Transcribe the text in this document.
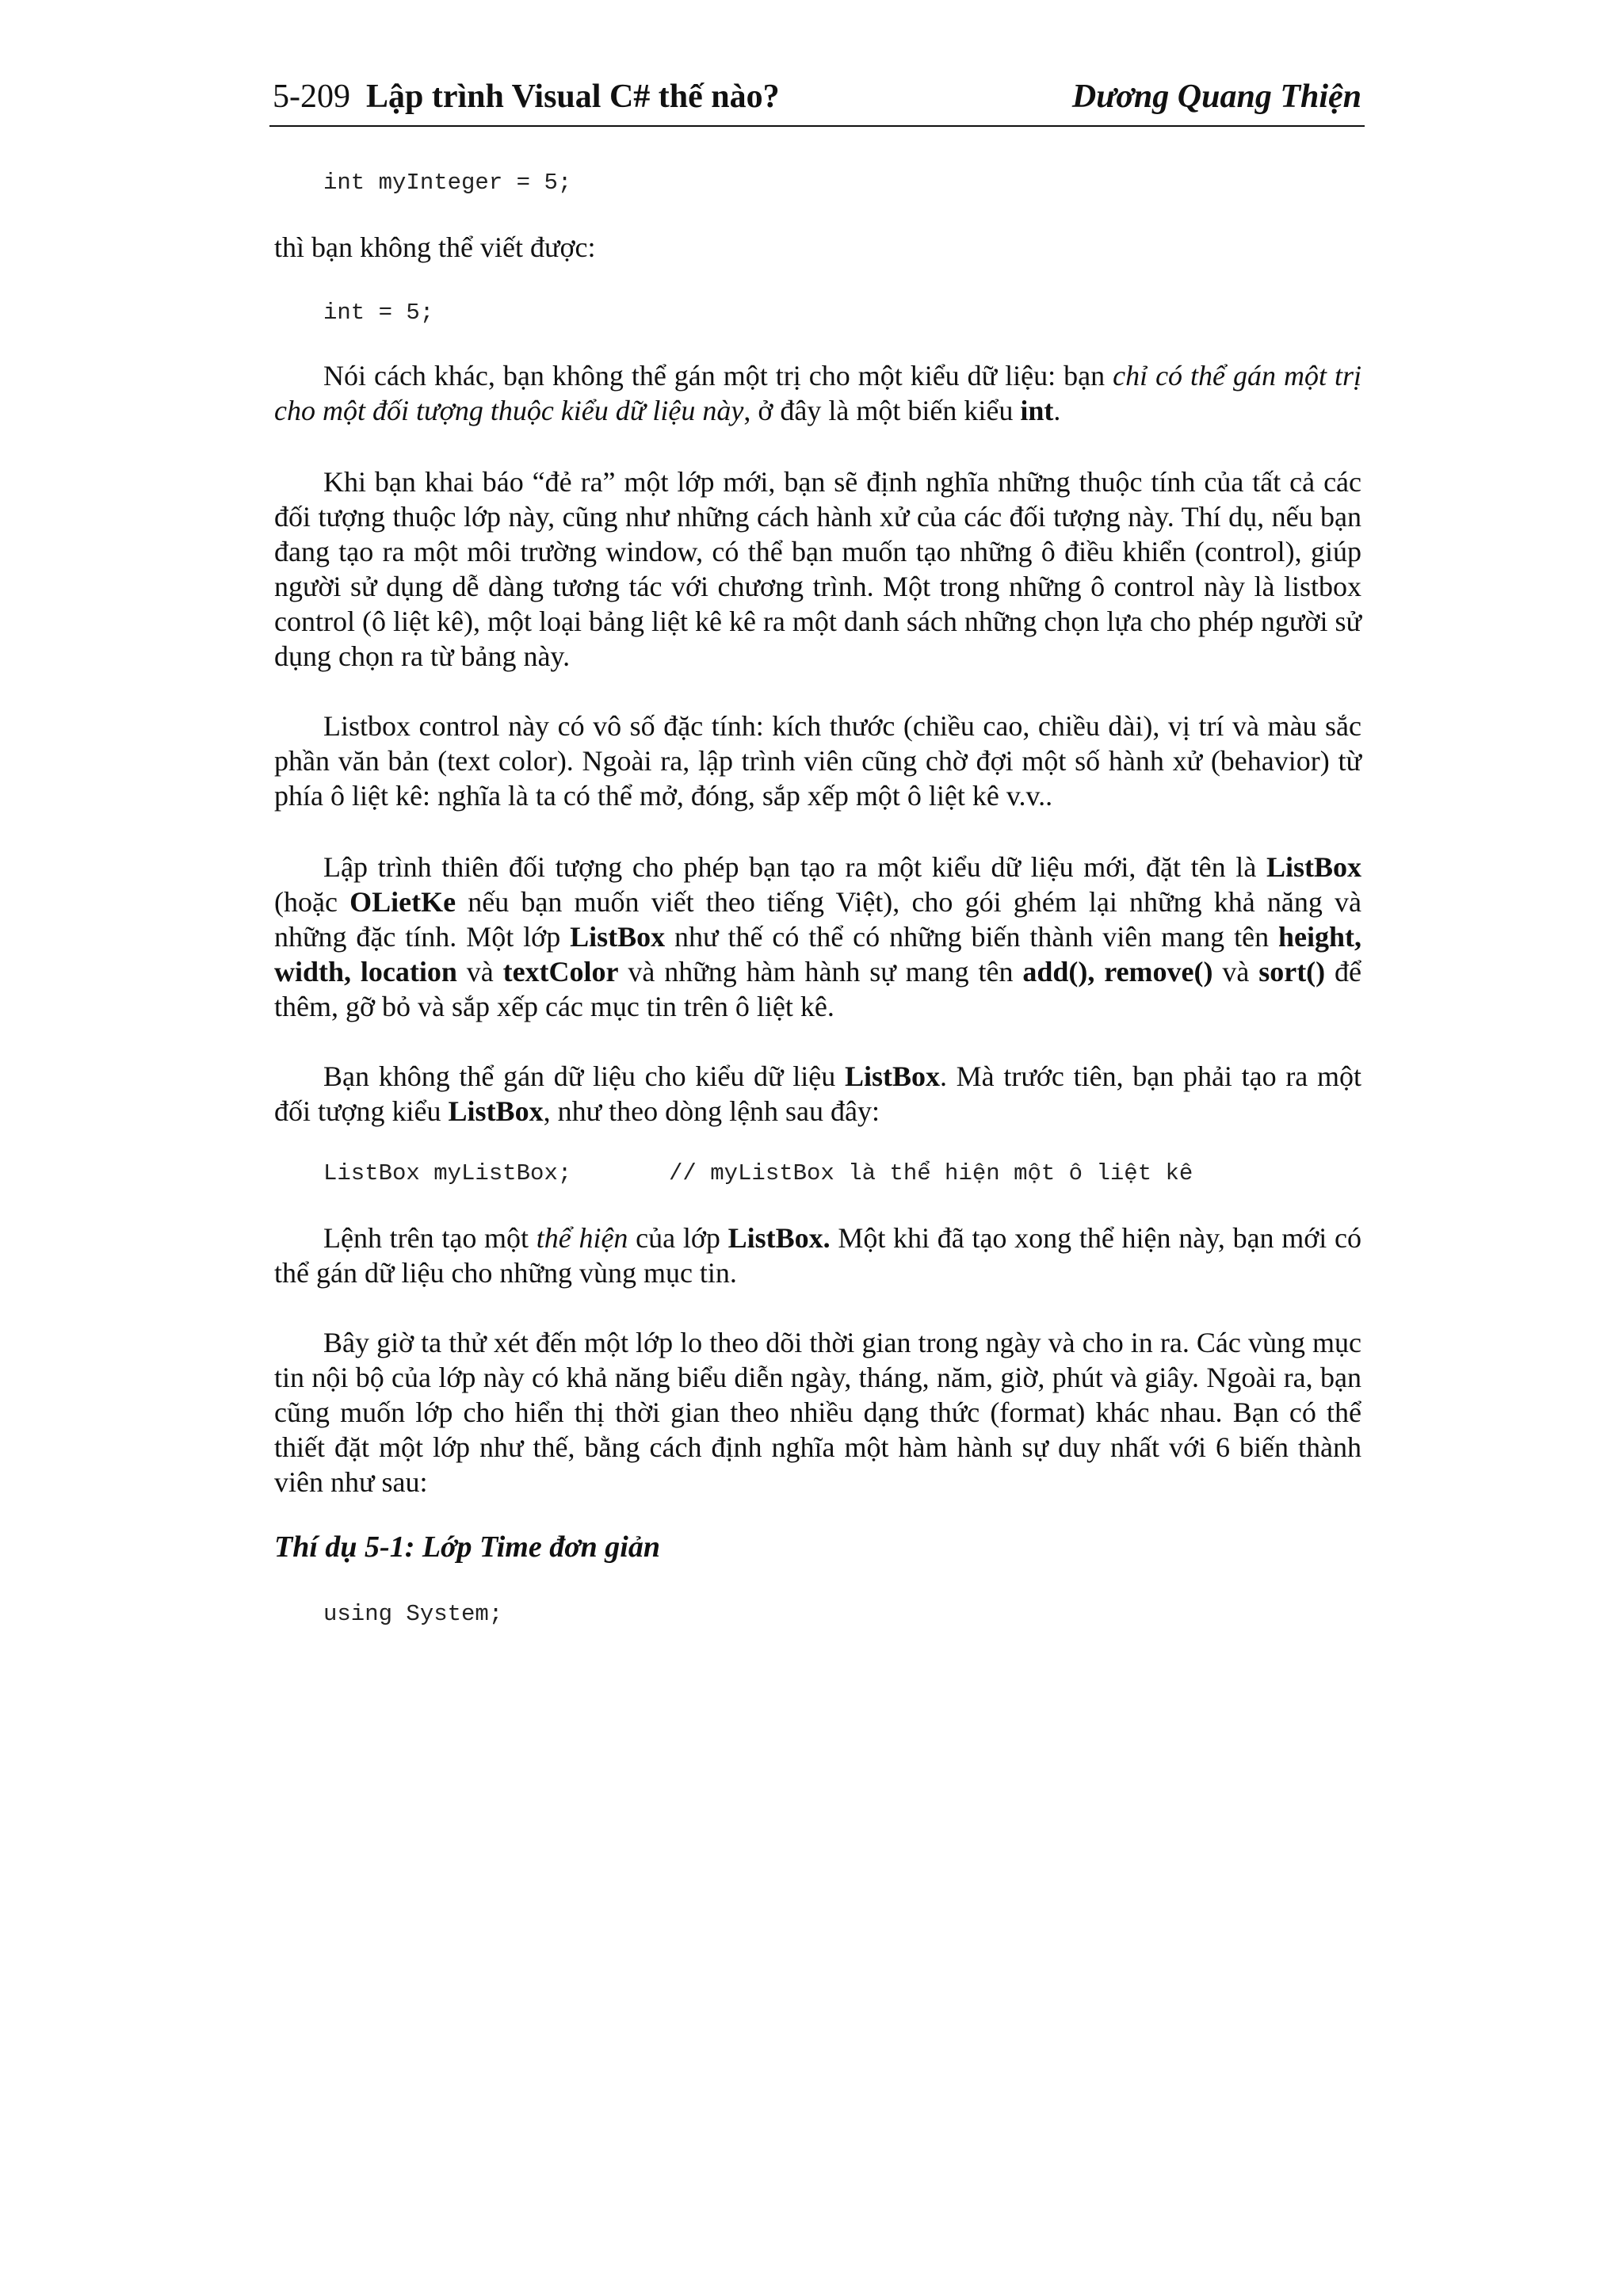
5-209 Lập trình Visual C# thế nào?	Dương Quang Thiện
int myInteger = 5;
thì bạn không thể viết được:
int = 5;
Nói cách khác, bạn không thể gán một trị cho một kiểu dữ liệu: bạn chỉ có thể gán một trị cho một đối tượng thuộc kiểu dữ liệu này, ở đây là một biến kiểu int.
Khi bạn khai báo “đẻ ra” một lớp mới, bạn sẽ định nghĩa những thuộc tính của tất cả các đối tượng thuộc lớp này, cũng như những cách hành xử của các đối tượng này. Thí dụ, nếu bạn đang tạo ra một môi trường window, có thể bạn muốn tạo những ô điều khiển (control), giúp người sử dụng dễ dàng tương tác với chương trình. Một trong những ô control này là listbox control (ô liệt kê), một loại bảng liệt kê kê ra một danh sách những chọn lựa cho phép người sử dụng chọn ra từ bảng này.
Listbox control này có vô số đặc tính: kích thước (chiều cao, chiều dài), vị trí và màu sắc phần văn bản (text color). Ngoài ra, lập trình viên cũng chờ đợi một số hành xử (behavior) từ phía ô liệt kê: nghĩa là ta có thể mở, đóng, sắp xếp một ô liệt kê v.v..
Lập trình thiên đối tượng cho phép bạn tạo ra một kiểu dữ liệu mới, đặt tên là ListBox (hoặc OLietKe nếu bạn muốn viết theo tiếng Việt), cho gói ghém lại những khả năng và những đặc tính. Một lớp ListBox như thế có thể có những biến thành viên mang tên height, width, location và textColor và những hàm hành sự mang tên add(), remove() và sort() để thêm, gỡ bỏ và sắp xếp các mục tin trên ô liệt kê.
Bạn không thể gán dữ liệu cho kiểu dữ liệu ListBox. Mà trước tiên, bạn phải tạo ra một đối tượng kiểu ListBox, như theo dòng lệnh sau đây:
ListBox myListBox;	// myListBox là thể hiện một ô liệt kê
Lệnh trên tạo một thể hiện của lớp ListBox. Một khi đã tạo xong thể hiện này, bạn mới có thể gán dữ liệu cho những vùng mục tin.
Bây giờ ta thử xét đến một lớp lo theo dõi thời gian trong ngày và cho in ra. Các vùng mục tin nội bộ của lớp này có khả năng biểu diễn ngày, tháng, năm, giờ, phút và giây. Ngoài ra, bạn cũng muốn lớp cho hiển thị thời gian theo nhiều dạng thức (format) khác nhau. Bạn có thể thiết đặt một lớp như thế, bằng cách định nghĩa một hàm hành sự duy nhất với 6 biến thành viên như sau:
Thí dụ 5-1: Lớp Time đơn giản
using System;
